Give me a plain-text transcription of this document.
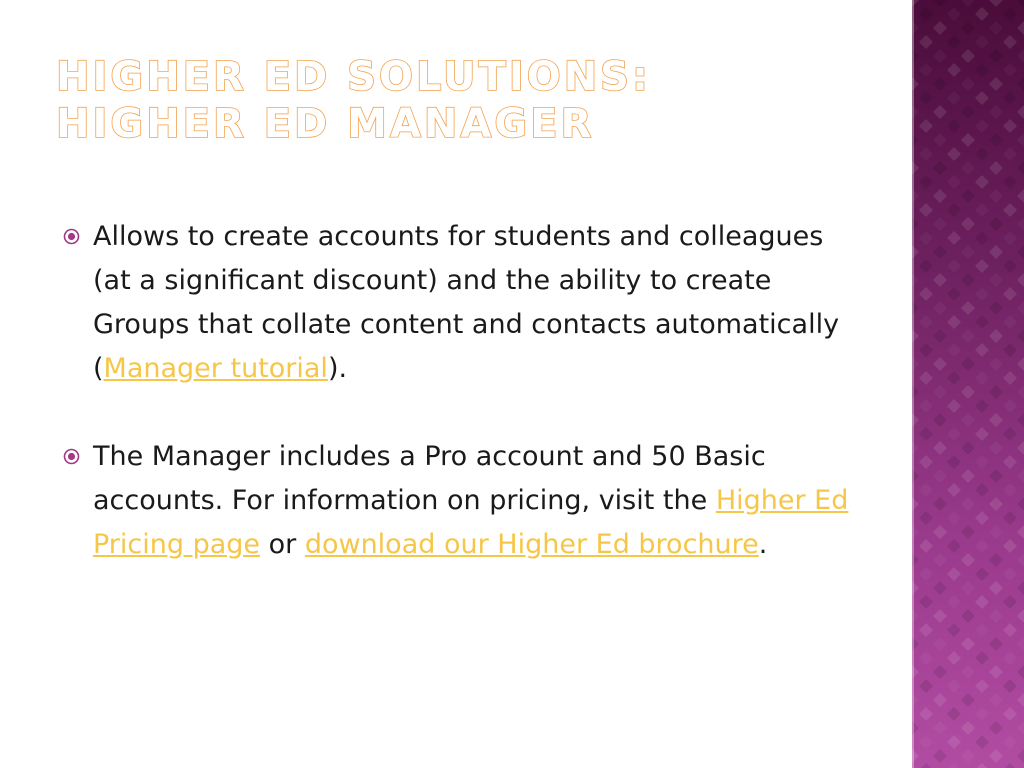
HIGHER ED SOLUTIONS:
HIGHER ED MANAGER
Allows to create accounts for students and colleagues (at a significant discount) and the ability to create Groups that collate content and contacts automatically (Manager tutorial).
The Manager includes a Pro account and 50 Basic accounts. For information on pricing, visit the Higher Ed Pricing page or download our Higher Ed brochure.
